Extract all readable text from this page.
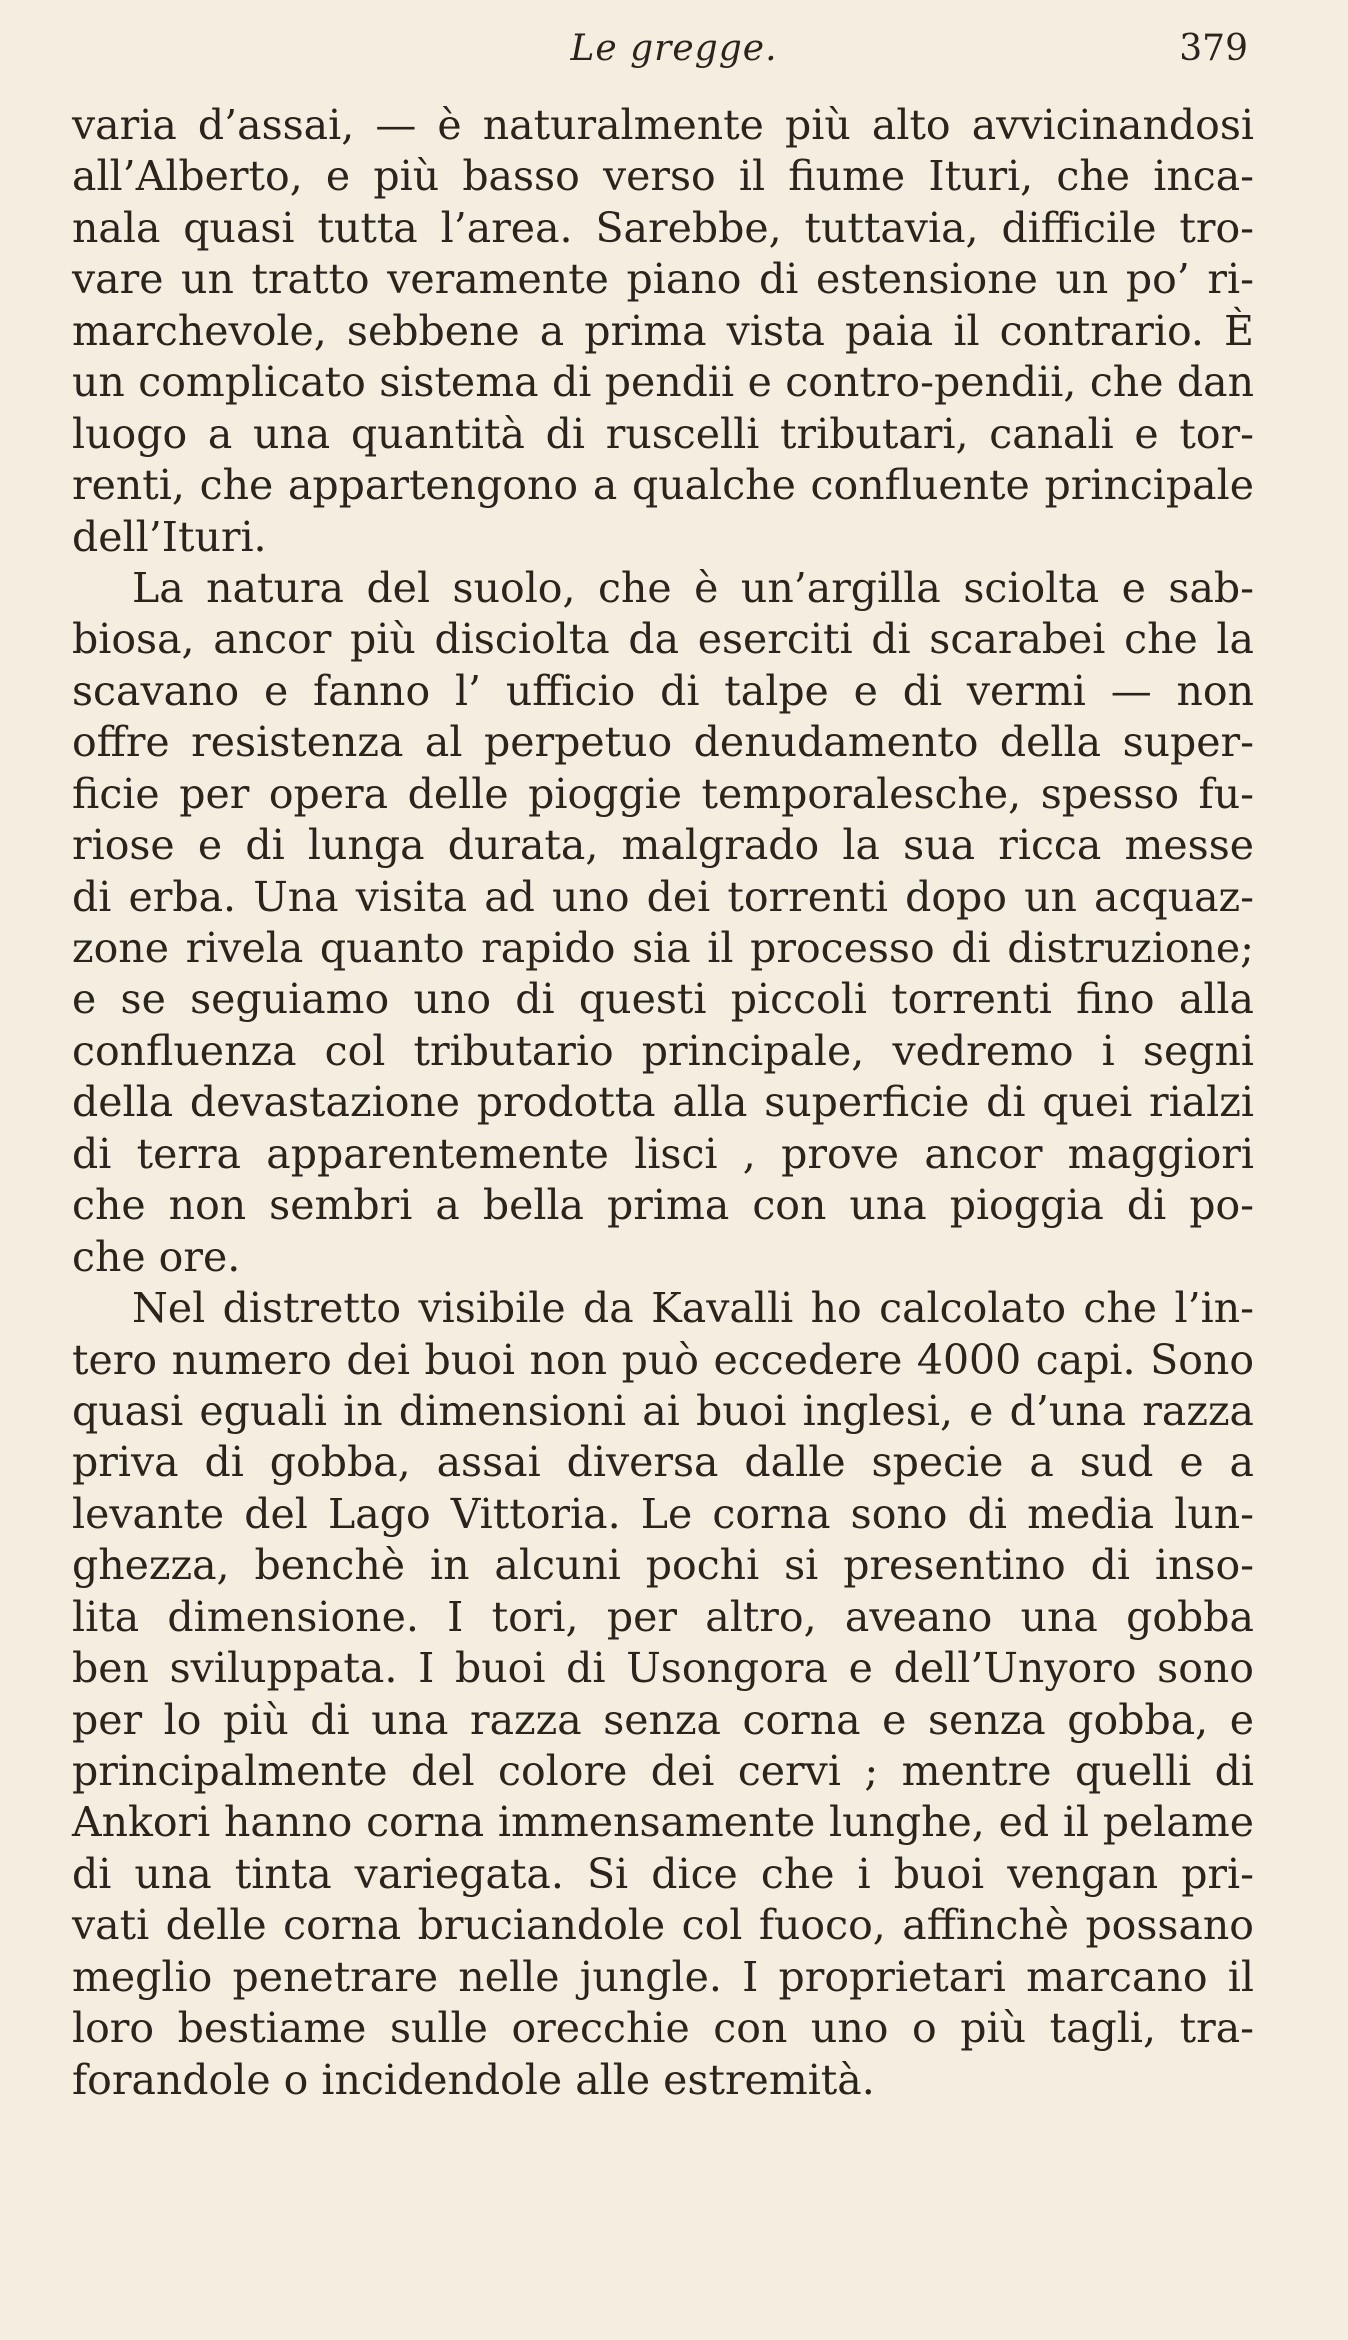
Le gregge.	379
varia d’assai, — è naturalmente più alto avvicinandosi
all’Alberto, e più basso verso il fiume Ituri, che inca-
nala quasi tutta l’area. Sarebbe, tuttavia, difficile tro-
vare un tratto veramente piano di estensione un po’ ri-
marchevole, sebbene a prima vista paia il contrario. È
un complicato sistema di pendii e contro-pendii, che dan
luogo a una quantità di ruscelli tributari, canali e tor-
renti, che appartengono a qualche confluente principale
dell’Ituri.
La natura del suolo, che è un’argilla sciolta e sab-
biosa, ancor più disciolta da eserciti di scarabei che la
scavano e fanno l’ ufficio di talpe e di vermi — non
offre resistenza al perpetuo denudamento della super-
ficie per opera delle pioggie temporalesche, spesso fu-
riose e di lunga durata, malgrado la sua ricca messe
di erba. Una visita ad uno dei torrenti dopo un acquaz-
zone rivela quanto rapido sia il processo di distruzione;
e se seguiamo uno di questi piccoli torrenti fino alla
confluenza col tributario principale, vedremo i segni
della devastazione prodotta alla superficie di quei rialzi
di terra apparentemente lisci , prove ancor maggiori
che non sembri a bella prima con una pioggia di po-
che ore.
Nel distretto visibile da Kavalli ho calcolato che l’in-
tero numero dei buoi non può eccedere 4000 capi. Sono
quasi eguali in dimensioni ai buoi inglesi, e d’una razza
priva di gobba, assai diversa dalle specie a sud e a
levante del Lago Vittoria. Le corna sono di media lun-
ghezza, benchè in alcuni pochi si presentino di inso-
lita dimensione. I tori, per altro, aveano una gobba
ben sviluppata. I buoi di Usongora e dell’Unyoro sono
per lo più di una razza senza corna e senza gobba, e
principalmente del colore dei cervi ; mentre quelli di
Ankori hanno corna immensamente lunghe, ed il pelame
di una tinta variegata. Si dice che i buoi vengan pri-
vati delle corna bruciandole col fuoco, affinchè possano
meglio penetrare nelle jungle. I proprietari marcano il
loro bestiame sulle orecchie con uno o più tagli, tra-
forandole o incidendole alle estremità.
